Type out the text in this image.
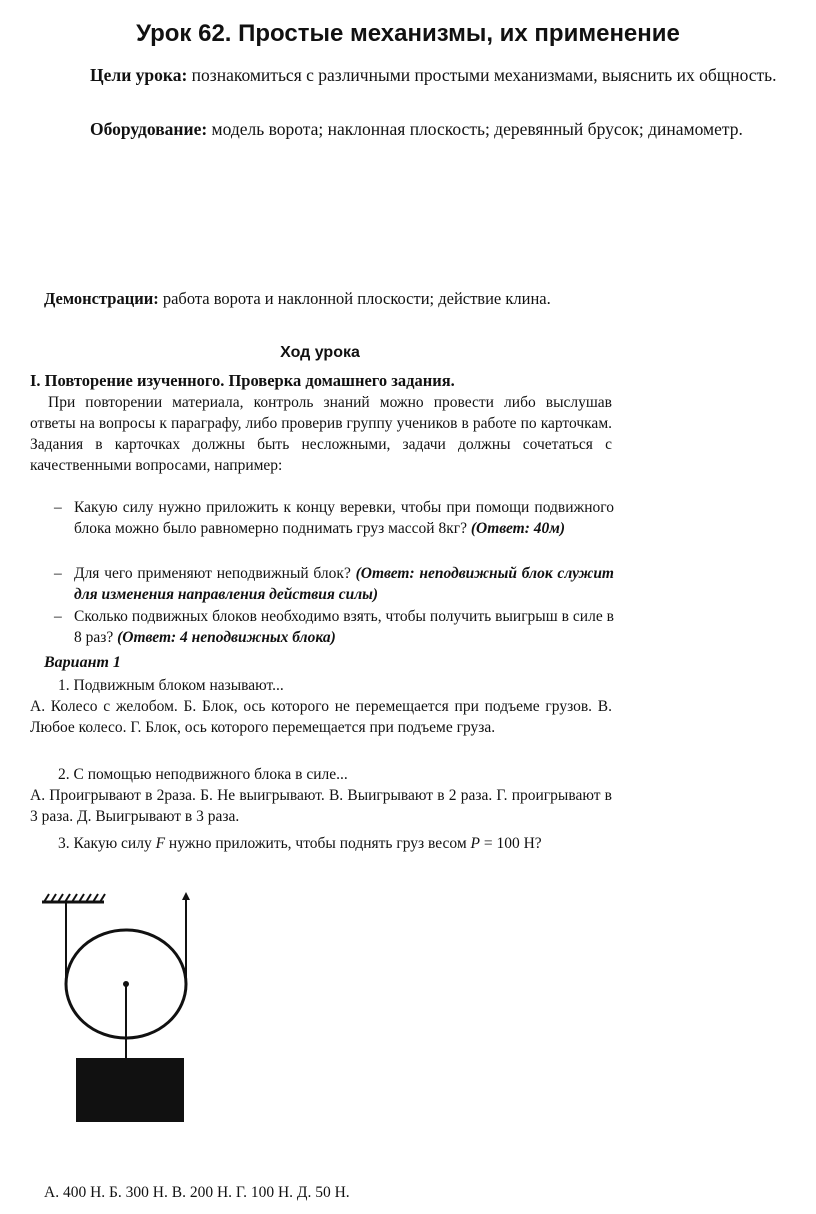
Урок 62. Простые механизмы, их применение
Цели урока: познакомиться с различными простыми механизмами, выяснить их общность.
Оборудование: модель ворота; наклонная плоскость; деревянный брусок; динамометр.
Демонстрации: работа ворота и наклонной плоскости; действие клина.
Ход урока
I. Повторение изученного. Проверка домашнего задания.
При повторении материала, контроль знаний можно провести либо выслушав ответы на вопросы к параграфу, либо проверив группу учеников в работе по карточкам. Задания в карточках должны быть несложными, задачи должны сочетаться с качественными вопросами, например:
– Какую силу нужно приложить к концу веревки, чтобы при помощи подвижного блока можно было равномерно поднимать груз массой 8кг? (Ответ: 40м)
– Для чего применяют неподвижный блок? (Ответ: неподвижный блок служит для изменения направления действия силы)
– Сколько подвижных блоков необходимо взять, чтобы получить выигрыш в силе в 8 раз? (Ответ: 4 неподвижных блока)
Вариант 1
1. Подвижным блоком называют...
А. Колесо с желобом. Б. Блок, ось которого не перемещается при подъеме грузов. В. Любое колесо. Г. Блок, ось которого перемещается при подъеме груза.
2. С помощью неподвижного блока в силе...
А. Проигрывают в 2раза. Б. Не выигрывают. В. Выигрывают в 2 раза. Г. проигрывают в 3 раза. Д. Выигрывают в 3 раза.
3. Какую силу F нужно приложить, чтобы поднять груз весом P = 100 Н?
А. 400 Н. Б. 300 Н. В. 200 Н. Г. 100 Н. Д. 50 Н.
